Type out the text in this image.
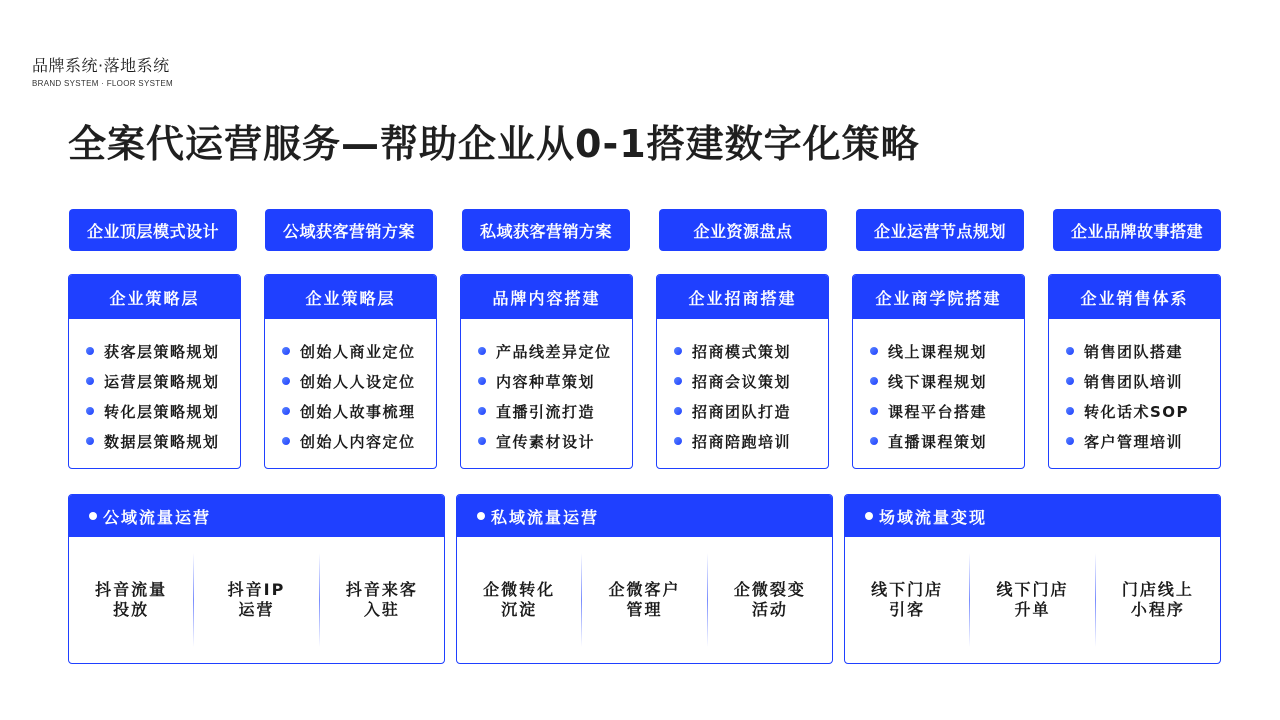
品牌系统·落地系统
BRAND SYSTEM · FLOOR SYSTEM
全案代运营服务—帮助企业从0-1搭建数字化策略
企业顶层模式设计	公域获客营销方案	私域获客营销方案	企业资源盘点	企业运营节点规划	企业品牌故事搭建
企业策略层
获客层策略规划
运营层策略规划
转化层策略规划
数据层策略规划
企业策略层
创始人商业定位
创始人人设定位
创始人故事梳理
创始人内容定位
品牌内容搭建
产品线差异定位
内容种草策划
直播引流打造
宣传素材设计
企业招商搭建
招商模式策划
招商会议策划
招商团队打造
招商陪跑培训
企业商学院搭建
线上课程规划
线下课程规划
课程平台搭建
直播课程策划
企业销售体系
销售团队搭建
销售团队培训
转化话术SOP
客户管理培训
公域流量运营
抖音流量
投放
抖音IP
运营
抖音来客
入驻
私域流量运营
企微转化
沉淀
企微客户
管理
企微裂变
活动
场域流量变现
线下门店
引客
线下门店
升单
门店线上
小程序
